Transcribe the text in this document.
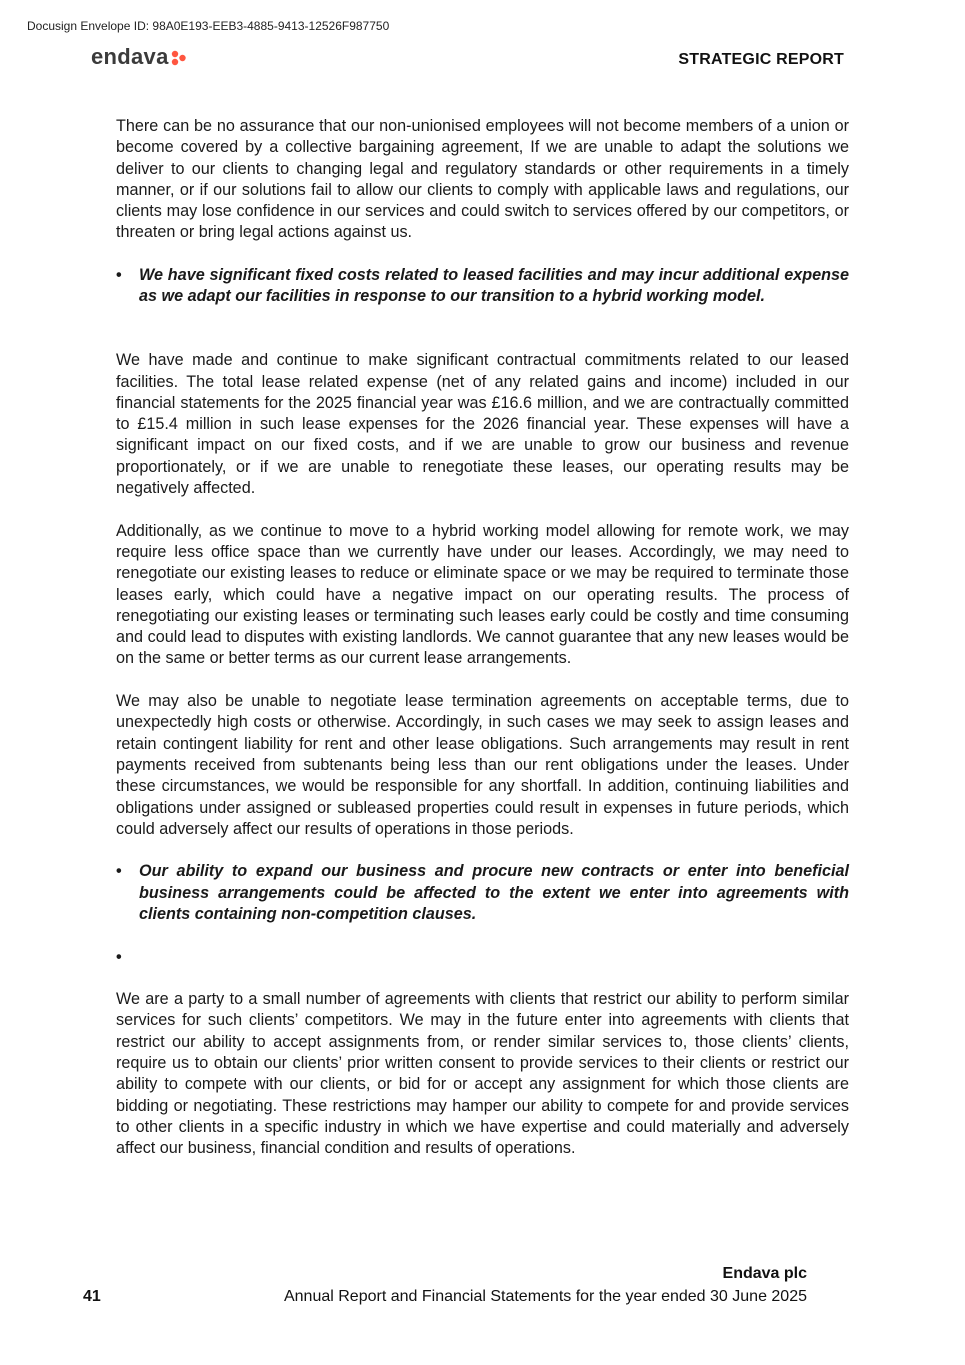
Docusign Envelope ID: 98A0E193-EEB3-4885-9413-12526F987750
endava	STRATEGIC REPORT

There can be no assurance that our non-unionised employees will not become members of a union or become covered by a collective bargaining agreement, If we are unable to adapt the solutions we deliver to our clients to changing legal and regulatory standards or other requirements in a timely manner, or if our solutions fail to allow our clients to comply with applicable laws and regulations, our clients may lose confidence in our services and could switch to services offered by our competitors, or threaten or bring legal actions against us.

•	We have significant fixed costs related to leased facilities and may incur additional expense as we adapt our facilities in response to our transition to a hybrid working model.

We have made and continue to make significant contractual commitments related to our leased facilities. The total lease related expense (net of any related gains and income) included in our financial statements for the 2025 financial year was £16.6 million, and we are contractually committed to £15.4 million in such lease expenses for the 2026 financial year. These expenses will have a significant impact on our fixed costs, and if we are unable to grow our business and revenue proportionately, or if we are unable to renegotiate these leases, our operating results may be negatively affected.

Additionally, as we continue to move to a hybrid working model allowing for remote work, we may require less office space than we currently have under our leases. Accordingly, we may need to renegotiate our existing leases to reduce or eliminate space or we may be required to terminate those leases early, which could have a negative impact on our operating results. The process of renegotiating our existing leases or terminating such leases early could be costly and time consuming and could lead to disputes with existing landlords. We cannot guarantee that any new leases would be on the same or better terms as our current lease arrangements.

We may also be unable to negotiate lease termination agreements on acceptable terms, due to unexpectedly high costs or otherwise. Accordingly, in such cases we may seek to assign leases and retain contingent liability for rent and other lease obligations. Such arrangements may result in rent payments received from subtenants being less than our rent obligations under the leases. Under these circumstances, we would be responsible for any shortfall. In addition, continuing liabilities and obligations under assigned or subleased properties could result in expenses in future periods, which could adversely affect our results of operations in those periods.

•	Our ability to expand our business and procure new contracts or enter into beneficial business arrangements could be affected to the extent we enter into agreements with clients containing non-competition clauses.
•

We are a party to a small number of agreements with clients that restrict our ability to perform similar services for such clients’ competitors. We may in the future enter into agreements with clients that restrict our ability to accept assignments from, or render similar services to, those clients’ clients, require us to obtain our clients’ prior written consent to provide services to their clients or restrict our ability to compete with our clients, or bid for or accept any assignment for which those clients are bidding or negotiating. These restrictions may hamper our ability to compete for and provide services to other clients in a specific industry in which we have expertise and could materially and adversely affect our business, financial condition and results of operations.

Endava plc
41	Annual Report and Financial Statements for the year ended 30 June 2025
